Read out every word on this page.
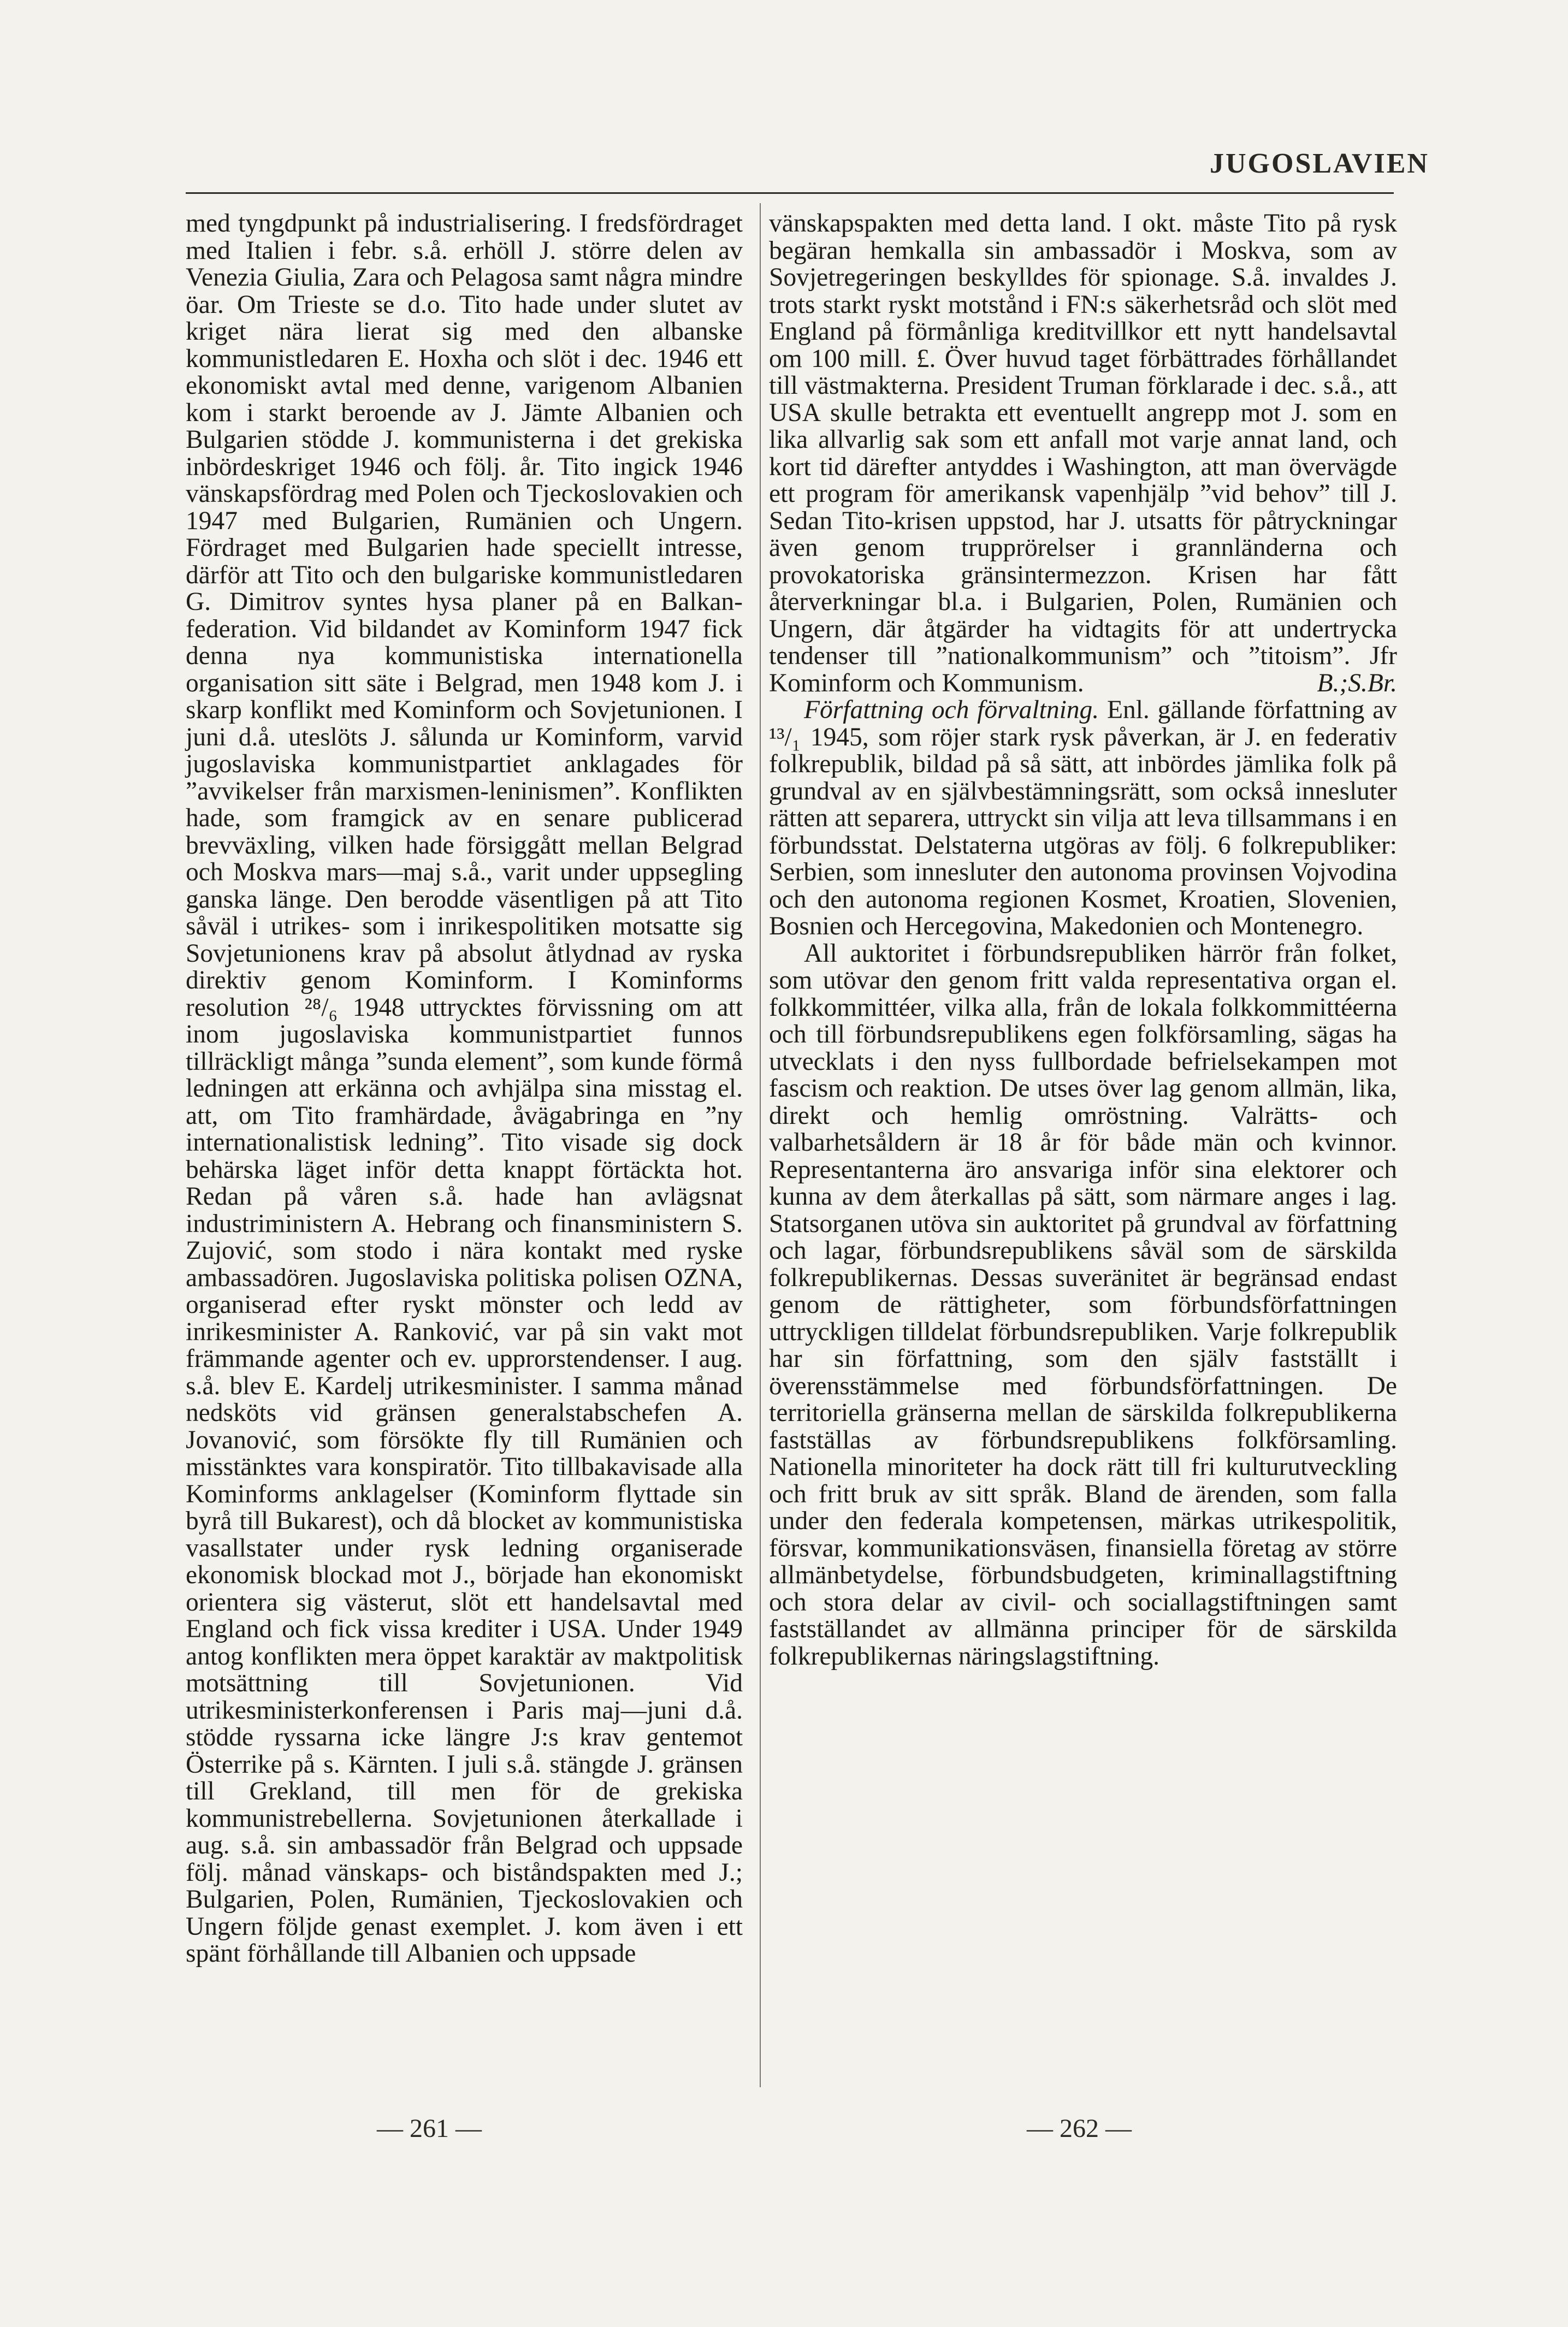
JUGOSLAVIEN

med tyngdpunkt på industrialisering. I fredsfördraget med Italien i febr. s.å. erhöll J. större delen av Venezia Giulia, Zara och Pelagosa samt några mindre öar. Om Trieste se d.o. Tito hade under slutet av kriget nära lierat sig med den albanske kommunistledaren E. Hoxha och slöt i dec. 1946 ett ekonomiskt avtal med denne, varigenom Albanien kom i starkt beroende av J. Jämte Albanien och Bulgarien stödde J. kommunisterna i det grekiska inbördeskriget 1946 och följ. år. Tito ingick 1946 vänskapsfördrag med Polen och Tjeckoslovakien och 1947 med Bulgarien, Rumänien och Ungern. Fördraget med Bulgarien hade speciellt intresse, därför att Tito och den bulgariske kommunistledaren G. Dimitrov syntes hysa planer på en Balkan-federation. Vid bildandet av Kominform 1947 fick denna nya kommunistiska internationella organisation sitt säte i Belgrad, men 1948 kom J. i skarp konflikt med Kominform och Sovjetunionen. I juni d.å. uteslöts J. sålunda ur Kominform, varvid jugoslaviska kommunistpartiet anklagades för ”avvikelser från marxismen-leninismen”. Konflikten hade, som framgick av en senare publicerad brevväxling, vilken hade försiggått mellan Belgrad och Moskva mars—maj s.å., varit under uppsegling ganska länge. Den berodde väsentligen på att Tito såväl i utrikes- som i inrikespolitiken motsatte sig Sovjetunionens krav på absolut åtlydnad av ryska direktiv genom Kominform. I Kominforms resolution ²⁸/₆ 1948 uttrycktes förvissning om att inom jugoslaviska kommunistpartiet funnos tillräckligt många ”sunda element”, som kunde förmå ledningen att erkänna och avhjälpa sina misstag el. att, om Tito framhärdade, åvägabringa en ”ny internationalistisk ledning”. Tito visade sig dock behärska läget inför detta knappt förtäckta hot. Redan på våren s.å. hade han avlägsnat industriministern A. Hebrang och finansministern S. Zujović, som stodo i nära kontakt med ryske ambassadören. Jugoslaviska politiska polisen OZNA, organiserad efter ryskt mönster och ledd av inrikesminister A. Ranković, var på sin vakt mot främmande agenter och ev. upprorstendenser. I aug. s.å. blev E. Kardelj utrikesminister. I samma månad nedsköts vid gränsen generalstabschefen A. Jovanović, som försökte fly till Rumänien och misstänktes vara konspiratör. Tito tillbakavisade alla Kominforms anklagelser (Kominform flyttade sin byrå till Bukarest), och då blocket av kommunistiska vasallstater under rysk ledning organiserade ekonomisk blockad mot J., började han ekonomiskt orientera sig västerut, slöt ett handelsavtal med England och fick vissa krediter i USA. Under 1949 antog konflikten mera öppet karaktär av maktpolitisk motsättning till Sovjetunionen. Vid utrikesministerkonferensen i Paris maj—juni d.å. stödde ryssarna icke längre J:s krav gentemot Österrike på s. Kärnten. I juli s.å. stängde J. gränsen till Grekland, till men för de grekiska kommunistrebellerna. Sovjetunionen återkallade i aug. s.å. sin ambassadör från Belgrad och uppsade följ. månad vänskaps- och biståndspakten med J.; Bulgarien, Polen, Rumänien, Tjeckoslovakien och Ungern följde genast exemplet. J. kom även i ett spänt förhållande till Albanien och uppsade

vänskapspakten med detta land. I okt. måste Tito på rysk begäran hemkalla sin ambassadör i Moskva, som av Sovjetregeringen beskylldes för spionage. S.å. invaldes J. trots starkt ryskt motstånd i FN:s säkerhetsråd och slöt med England på förmånliga kreditvillkor ett nytt handelsavtal om 100 mill. £. Över huvud taget förbättrades förhållandet till västmakterna. President Truman förklarade i dec. s.å., att USA skulle betrakta ett eventuellt angrepp mot J. som en lika allvarlig sak som ett anfall mot varje annat land, och kort tid därefter antyddes i Washington, att man övervägde ett program för amerikansk vapenhjälp ”vid behov” till J. Sedan Tito-krisen uppstod, har J. utsatts för påtryckningar även genom trupprörelser i grannländerna och provokatoriska gränsintermezzon. Krisen har fått återverkningar bl.a. i Bulgarien, Polen, Rumänien och Ungern, där åtgärder ha vidtagits för att undertrycka tendenser till ”nationalkommunism” och ”titoism”. Jfr Kominform och Kommunism.	B.;S.Br.

Författning och förvaltning. Enl. gällande författning av ¹³/₁ 1945, som röjer stark rysk påverkan, är J. en federativ folkrepublik, bildad på så sätt, att inbördes jämlika folk på grundval av en självbestämningsrätt, som också innesluter rätten att separera, uttryckt sin vilja att leva tillsammans i en förbundsstat. Delstaterna utgöras av följ. 6 folkrepubliker: Serbien, som innesluter den autonoma provinsen Vojvodina och den autonoma regionen Kosmet, Kroatien, Slovenien, Bosnien och Hercegovina, Makedonien och Montenegro.

All auktoritet i förbundsrepubliken härrör från folket, som utövar den genom fritt valda representativa organ el. folkkommittéer, vilka alla, från de lokala folkkommittéerna och till förbundsrepublikens egen folkförsamling, sägas ha utvecklats i den nyss fullbordade befrielsekampen mot fascism och reaktion. De utses över lag genom allmän, lika, direkt och hemlig omröstning. Valrätts- och valbarhetsåldern är 18 år för både män och kvinnor. Representanterna äro ansvariga inför sina elektorer och kunna av dem återkallas på sätt, som närmare anges i lag. Statsorganen utöva sin auktoritet på grundval av författning och lagar, förbundsrepublikens såväl som de särskilda folkrepublikernas. Dessas suveränitet är begränsad endast genom de rättigheter, som förbundsförfattningen uttryckligen tilldelat förbundsrepubliken. Varje folkrepublik har sin författning, som den själv fastställt i överensstämmelse med förbundsförfattningen. De territoriella gränserna mellan de särskilda folkrepublikerna fastställas av förbundsrepublikens folkförsamling. Nationella minoriteter ha dock rätt till fri kulturutveckling och fritt bruk av sitt språk. Bland de ärenden, som falla under den federala kompetensen, märkas utrikespolitik, försvar, kommunikationsväsen, finansiella företag av större allmänbetydelse, förbundsbudgeten, kriminallagstiftning och stora delar av civil- och sociallagstiftningen samt fastställandet av allmänna principer för de särskilda folkrepublikernas näringslagstiftning.

— 261 —	— 262 —
